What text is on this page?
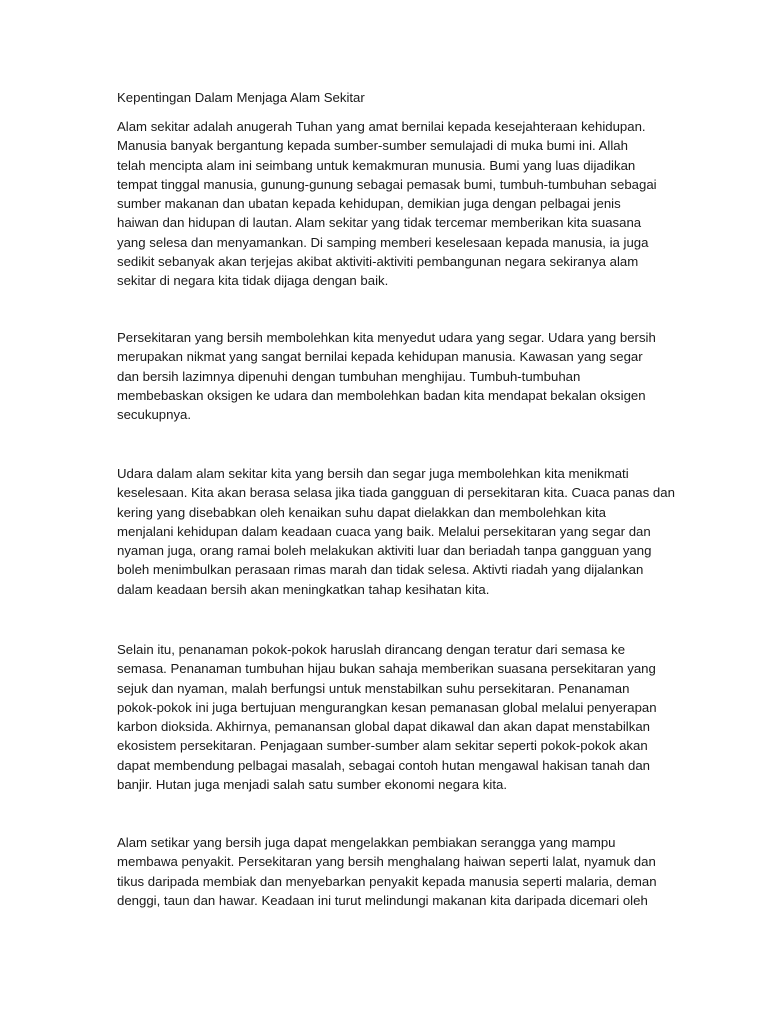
Kepentingan Dalam Menjaga Alam Sekitar
Alam sekitar adalah anugerah Tuhan yang amat bernilai kepada kesejahteraan kehidupan.
Manusia banyak bergantung kepada sumber-sumber semulajadi di muka bumi ini. Allah
telah mencipta alam ini seimbang untuk kemakmuran munusia. Bumi yang luas dijadikan
tempat tinggal manusia, gunung-gunung sebagai pemasak bumi, tumbuh-tumbuhan sebagai
sumber makanan dan ubatan kepada kehidupan, demikian juga dengan pelbagai jenis
haiwan dan hidupan di lautan. Alam sekitar yang tidak tercemar memberikan kita suasana
yang selesa dan menyamankan. Di samping memberi keselesaan kepada manusia, ia juga
sedikit sebanyak akan terjejas akibat aktiviti-aktiviti pembangunan negara sekiranya alam
sekitar di negara kita tidak dijaga dengan baik.
Persekitaran yang bersih membolehkan kita menyedut udara yang segar. Udara yang bersih
merupakan nikmat yang sangat bernilai kepada kehidupan manusia. Kawasan yang segar
dan bersih lazimnya dipenuhi dengan tumbuhan menghijau. Tumbuh-tumbuhan
membebaskan oksigen ke udara dan membolehkan badan kita mendapat bekalan oksigen
secukupnya.
Udara dalam alam sekitar kita yang bersih dan segar juga membolehkan kita menikmati
keselesaan. Kita akan berasa selasa jika tiada gangguan di persekitaran kita. Cuaca panas dan
kering yang disebabkan oleh kenaikan suhu dapat dielakkan dan membolehkan kita
menjalani kehidupan dalam keadaan cuaca yang baik. Melalui persekitaran yang segar dan
nyaman juga, orang ramai boleh melakukan aktiviti luar dan beriadah tanpa gangguan yang
boleh menimbulkan perasaan rimas marah dan tidak selesa. Aktivti riadah yang dijalankan
dalam keadaan bersih akan meningkatkan tahap kesihatan kita.
Selain itu, penanaman pokok-pokok haruslah dirancang dengan teratur dari semasa ke
semasa. Penanaman tumbuhan hijau bukan sahaja memberikan suasana persekitaran yang
sejuk dan nyaman, malah berfungsi untuk menstabilkan suhu persekitaran. Penanaman
pokok-pokok ini juga bertujuan mengurangkan kesan pemanasan global melalui penyerapan
karbon dioksida. Akhirnya, pemanansan global dapat dikawal dan akan dapat menstabilkan
ekosistem persekitaran. Penjagaan sumber-sumber alam sekitar seperti pokok-pokok akan
dapat membendung pelbagai masalah, sebagai contoh hutan mengawal hakisan tanah dan
banjir. Hutan juga menjadi salah satu sumber ekonomi negara kita.
Alam setikar yang bersih juga dapat mengelakkan pembiakan serangga yang mampu
membawa penyakit. Persekitaran yang bersih menghalang haiwan seperti lalat, nyamuk dan
tikus daripada membiak dan menyebarkan penyakit kepada manusia seperti malaria, deman
denggi, taun dan hawar. Keadaan ini turut melindungi makanan kita daripada dicemari oleh
